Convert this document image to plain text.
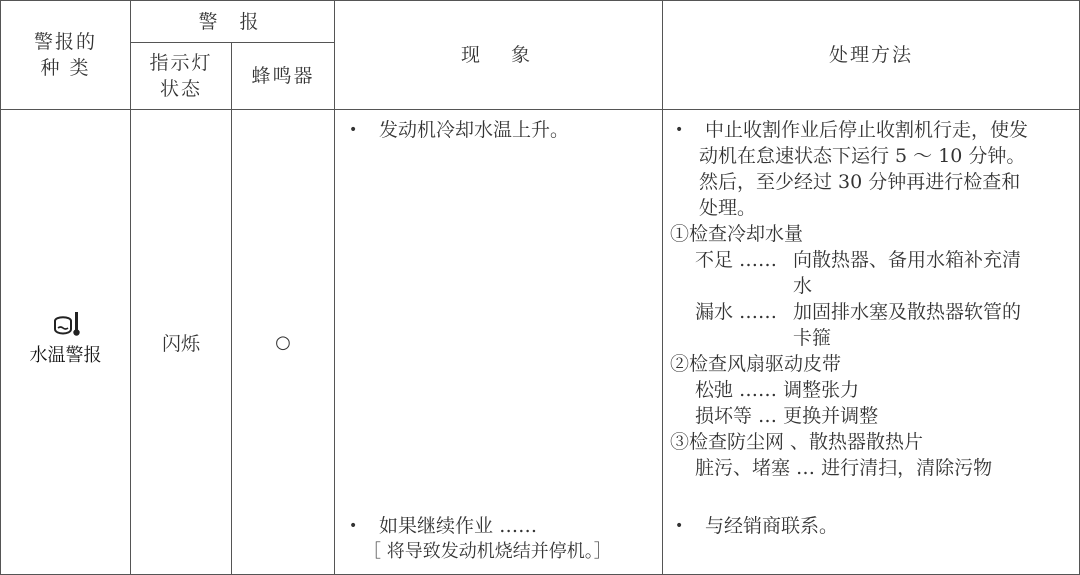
警报的
种 类
警 报
指示灯
状态
蜂鸣器
现　象	处理方法
水温警报
闪烁	○
• 发动机冷却水温上升。
• 如果继续作业 ……
［ 将导致发动机烧结并停机。］
• 中止收割作业后停止收割机行走，使发
动机在怠速状态下运行 5 ～ 10 分钟。
然后，至少经过 30 分钟再进行检查和
处理。
①检查冷却水量
不足 …… 向散热器、备用水箱补充清
水
漏水 …… 加固排水塞及散热器软管的
卡箍
②检查风扇驱动皮带
松弛 …… 调整张力
损坏等 … 更换并调整
③检查防尘网 、散热器散热片
脏污、堵塞 … 进行清扫，清除污物
• 与经销商联系。
